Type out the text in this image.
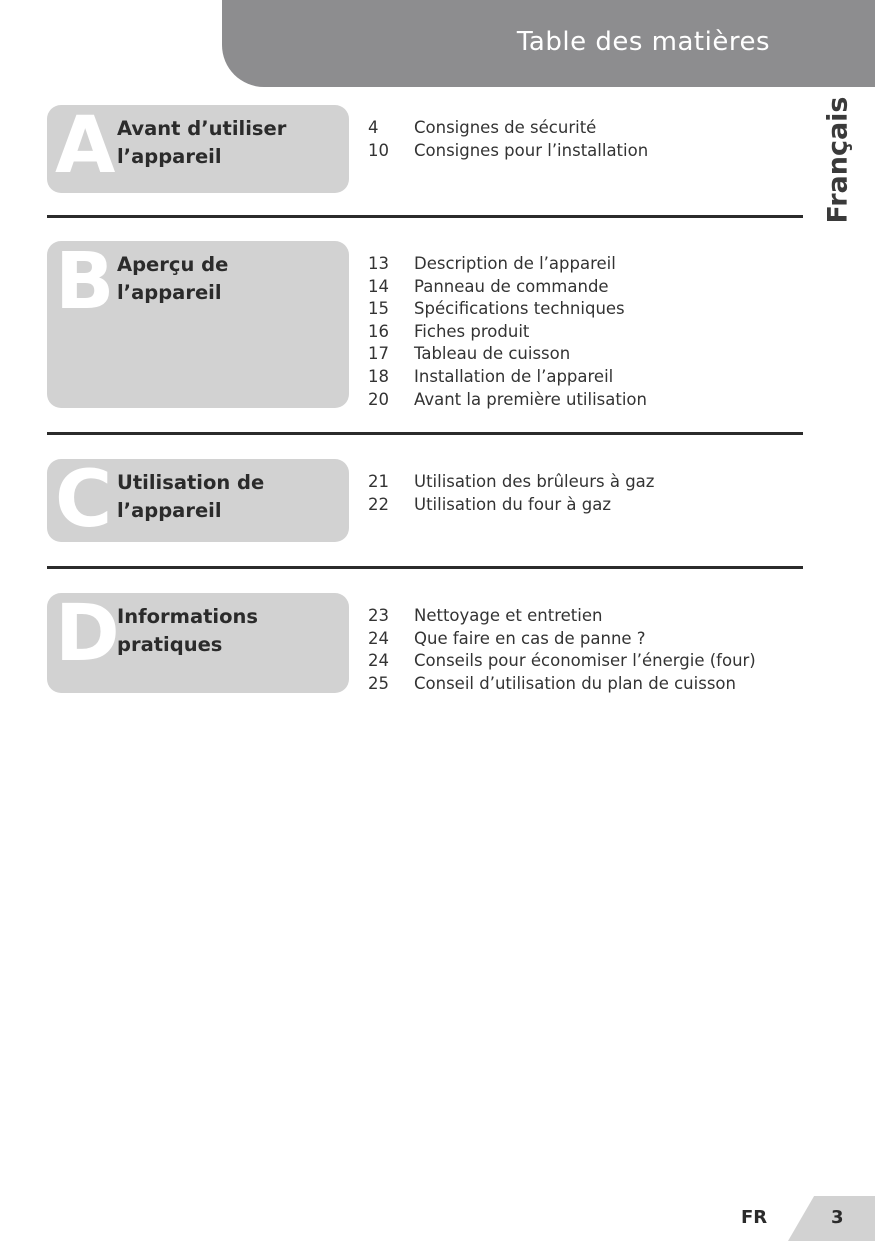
Table des matières
Français
A Avant d’utiliser l’appareil
4	Consignes de sécurité
10	Consignes pour l’installation
B Aperçu de l’appareil
13	Description de l’appareil
14	Panneau de commande
15	Spécifications techniques
16	Fiches produit
17	Tableau de cuisson
18	Installation de l’appareil
20	Avant la première utilisation
C Utilisation de l’appareil
21	Utilisation des brûleurs à gaz
22	Utilisation du four à gaz
D
Informations pratiques
23	Nettoyage et entretien
24	Que faire en cas de panne ?
24	Conseils pour économiser l’énergie (four)
25	Conseil d’utilisation du plan de cuisson
FR	3
